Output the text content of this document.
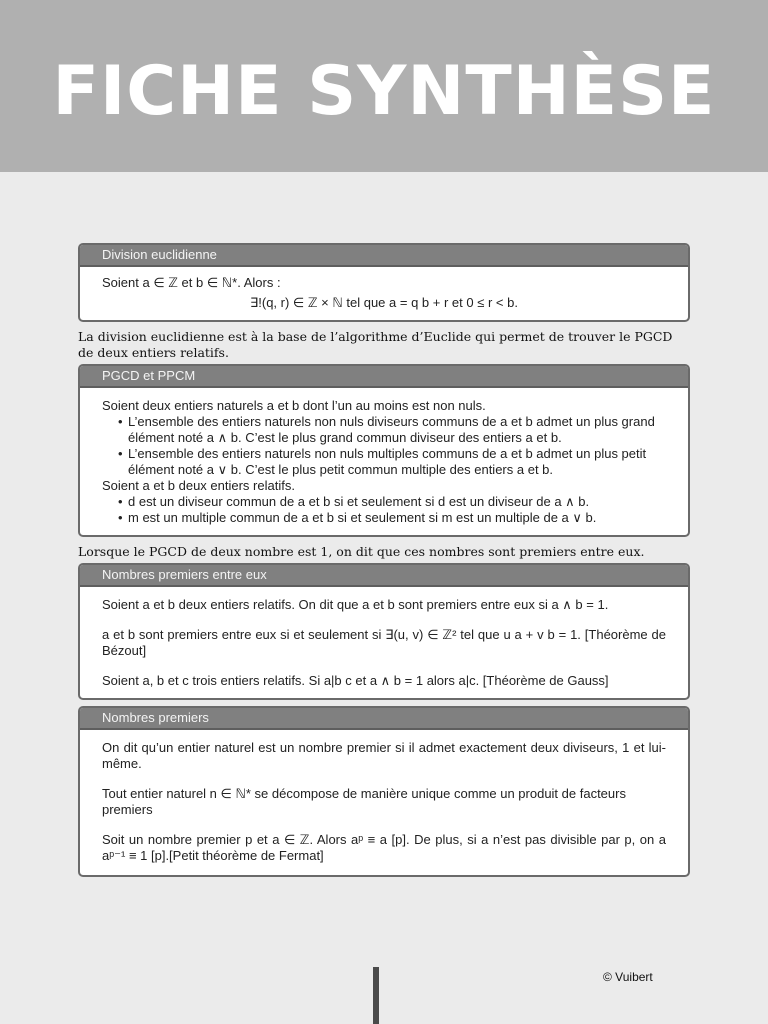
FICHE SYNTHÈSE
Division euclidienne

Soient a ∈ ℤ et b ∈ ℕ*. Alors :

∃!(q, r) ∈ ℤ × ℕ tel que a = q b + r et 0 ≤ r < b.

La division euclidienne est à la base de l’algorithme d’Euclide qui permet de trouver le PGCD de deux entiers relatifs.

PGCD et PPCM

Soient deux entiers naturels a et b dont l’un au moins est non nuls.

• L’ensemble des entiers naturels non nuls diviseurs communs de a et b admet un plus grand élément noté a ∧ b. C’est le plus grand commun diviseur des entiers a et b.
• L’ensemble des entiers naturels non nuls multiples communs de a et b admet un plus petit élément noté a ∨ b. C’est le plus petit commun multiple des entiers a et b.

Soient a et b deux entiers relatifs.

• d est un diviseur commun de a et b si et seulement si d est un diviseur de a ∧ b.
• m est un multiple commun de a et b si et seulement si m est un multiple de a ∨ b.

Lorsque le PGCD de deux nombre est 1, on dit que ces nombres sont premiers entre eux.

Nombres premiers entre eux

Soient a et b deux entiers relatifs. On dit que a et b sont premiers entre eux si a ∧ b = 1.

a et b sont premiers entre eux si et seulement si ∃(u, v) ∈ ℤ² tel que u a + v b = 1. [Théorème de Bézout]

Soient a, b et c trois entiers relatifs. Si a|b c et a ∧ b = 1 alors a|c. [Théorème de Gauss]

Nombres premiers

On dit qu’un entier naturel est un nombre premier si il admet exactement deux diviseurs, 1 et lui-même.

Tout entier naturel n ∈ ℕ* se décompose de manière unique comme un produit de facteurs premiers

Soit un nombre premier p et a ∈ ℤ. Alors aᵖ ≡ a [p]. De plus, si a n’est pas divisible par p, on a aᵖ⁻¹ ≡ 1 [p].[Petit théorème de Fermat]

© Vuibert
